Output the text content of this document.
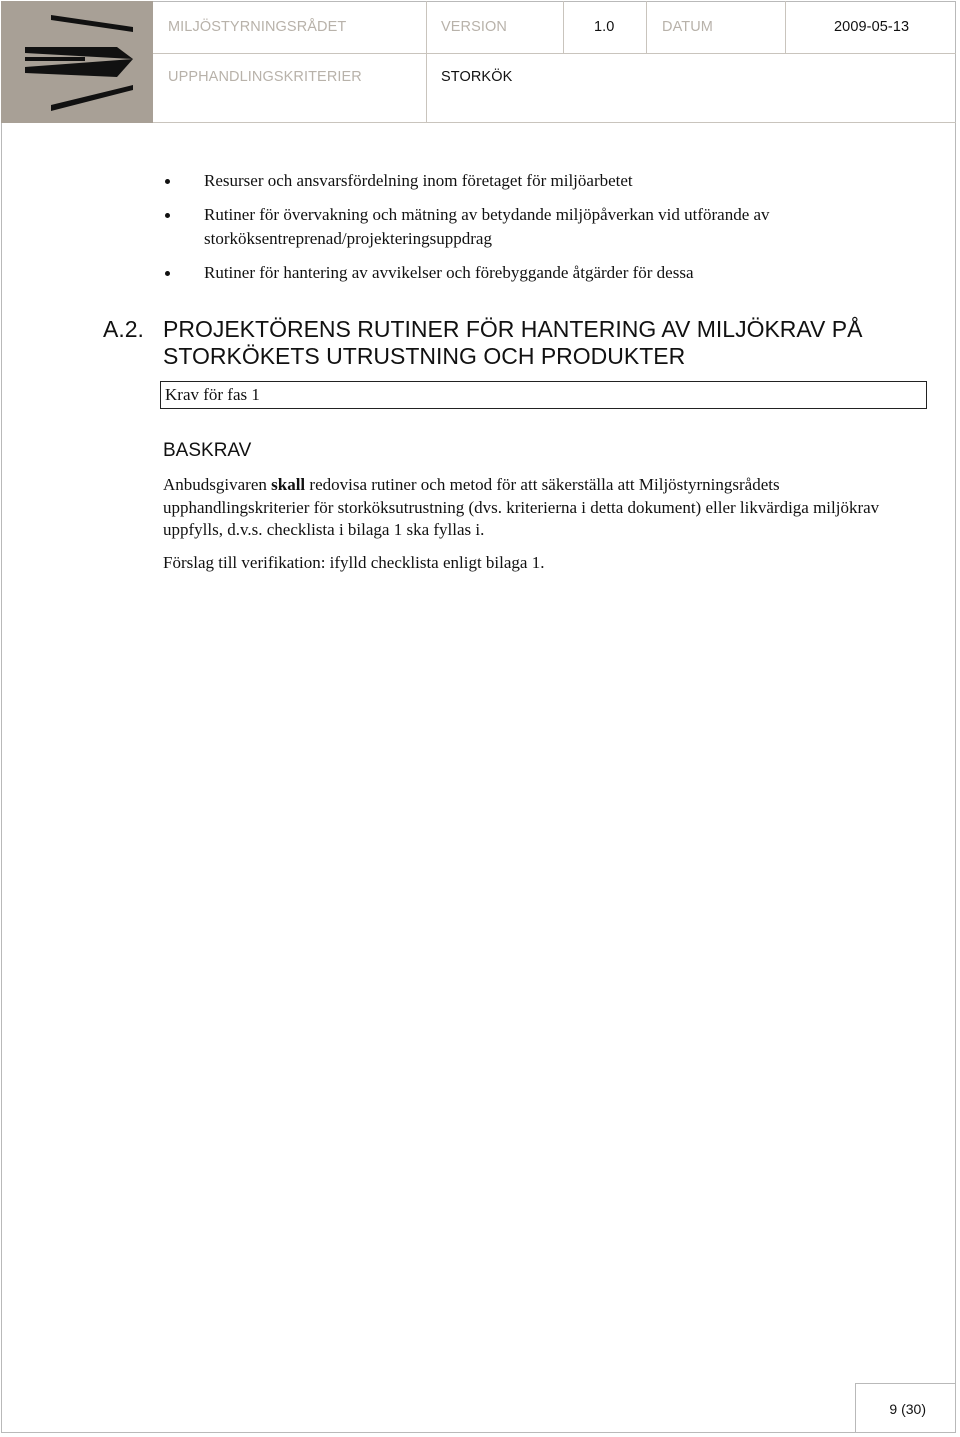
MILJÖSTYRNINGSRÅDET	VERSION	1.0	DATUM	2009-05-13
UPPHANDLINGSKRITERIER	STORKÖK
Resurser och ansvarsfördelning inom företaget för miljöarbetet
Rutiner för övervakning och mätning av betydande miljöpåverkan vid utförande av storköksentreprenad/projekteringsuppdrag
Rutiner för hantering av avvikelser och förebyggande åtgärder för dessa
A.2. PROJEKTÖRENS RUTINER FÖR HANTERING AV MILJÖKRAV PÅ STORKÖKETS UTRUSTNING OCH PRODUKTER
Krav för fas 1
BASKRAV
Anbudsgivaren skall redovisa rutiner och metod för att säkerställa att Miljöstyrningsrådets upphandlingskriterier för storköksutrustning (dvs. kriterierna i detta dokument) eller likvärdiga miljökrav uppfylls, d.v.s. checklista i bilaga 1 ska fyllas i.
Förslag till verifikation: ifylld checklista enligt bilaga 1.
9 (30)
